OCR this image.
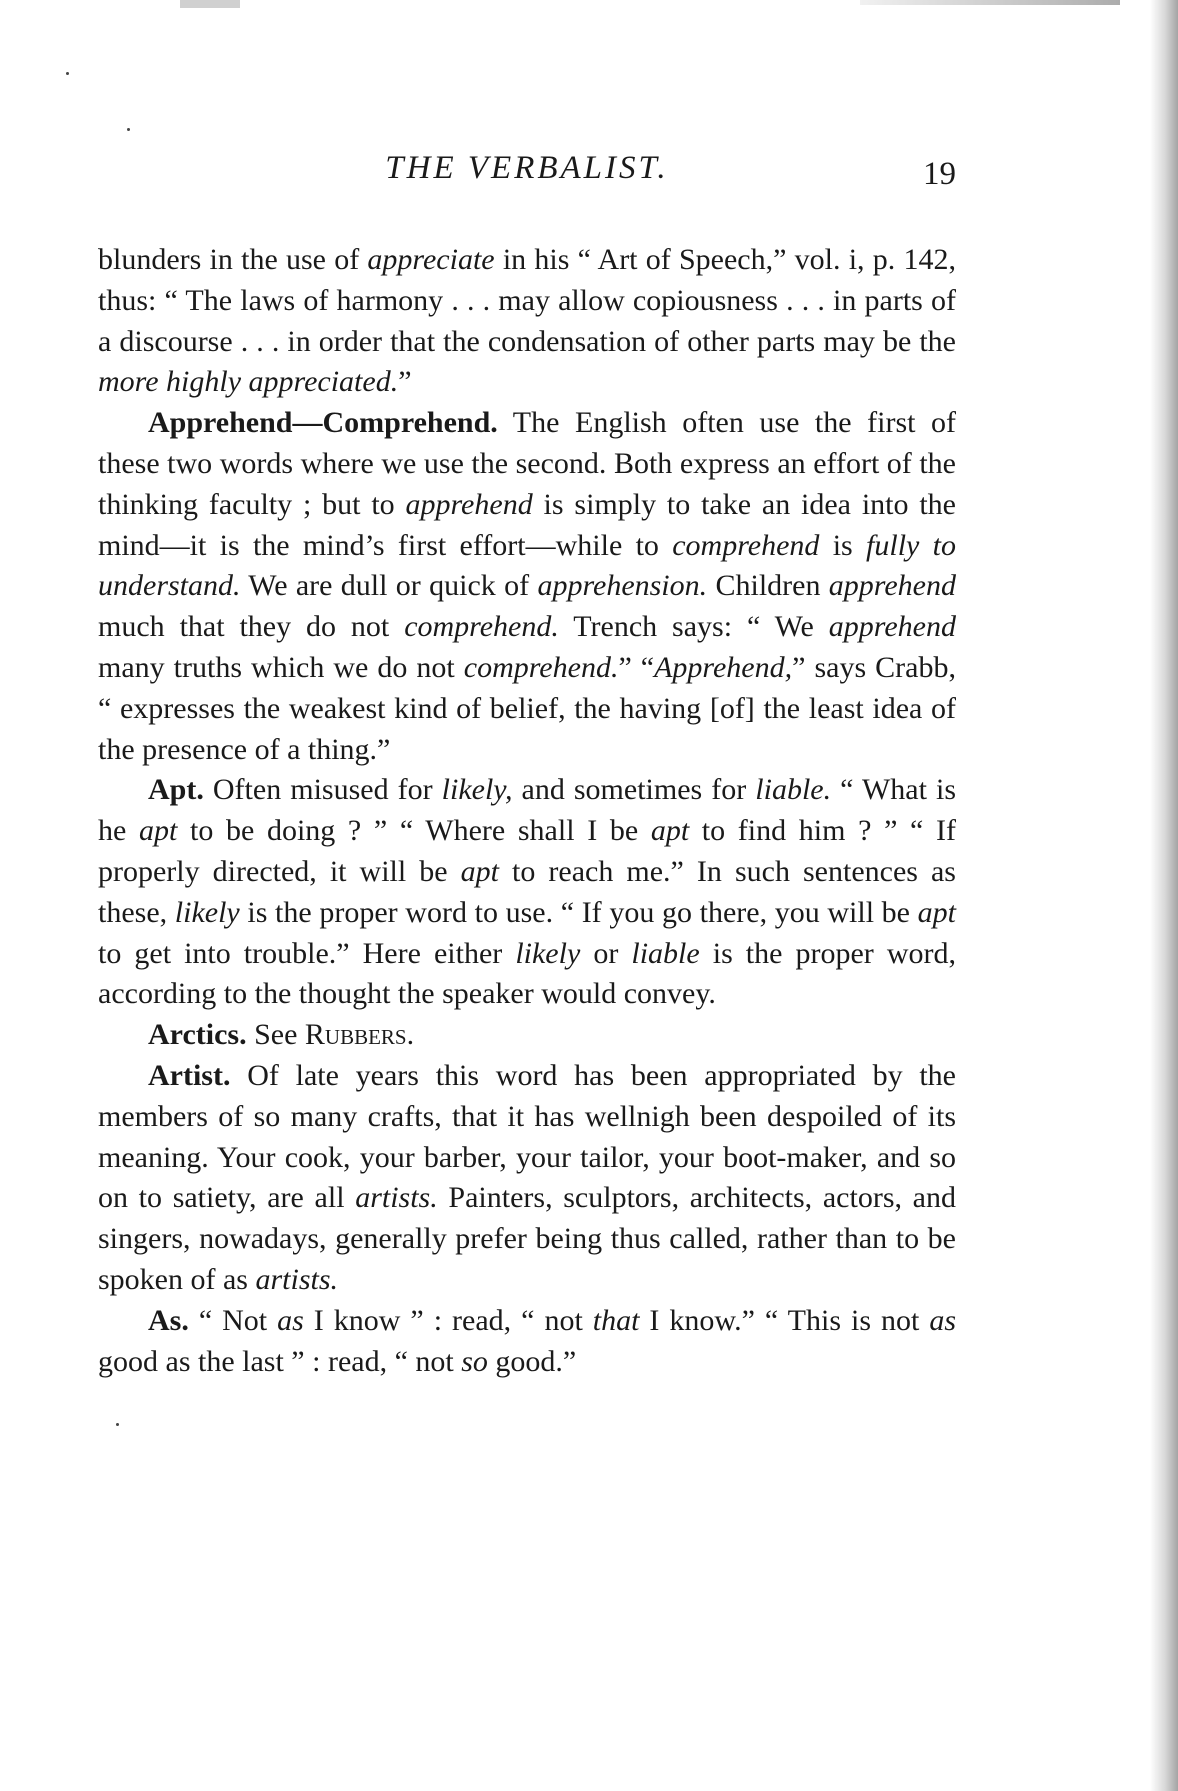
THE VERBALIST.	19

blunders in the use of appreciate in his “ Art of Speech,” vol. i, p. 142, thus: “ The laws of harmony . . . may allow copiousness . . . in parts of a discourse . . . in order that the condensation of other parts may be the more highly appreciated.”

Apprehend—Comprehend. The English often use the first of these two words where we use the second. Both express an effort of the thinking faculty ; but to apprehend is simply to take an idea into the mind—it is the mind’s first effort—while to comprehend is fully to understand. We are dull or quick of apprehension. Children apprehend much that they do not comprehend. Trench says: “ We apprehend many truths which we do not comprehend.” “Apprehend,” says Crabb, “ expresses the weakest kind of belief, the having [of] the least idea of the presence of a thing.”

Apt. Often misused for likely, and sometimes for liable. “ What is he apt to be doing ? ” “ Where shall I be apt to find him ? ” “ If properly directed, it will be apt to reach me.” In such sentences as these, likely is the proper word to use. “ If you go there, you will be apt to get into trouble.” Here either likely or liable is the proper word, according to the thought the speaker would convey.

Arctics. See Rubbers.

Artist. Of late years this word has been appropriated by the members of so many crafts, that it has wellnigh been despoiled of its meaning. Your cook, your barber, your tailor, your boot-maker, and so on to satiety, are all artists. Painters, sculptors, architects, actors, and singers, nowadays, generally prefer being thus called, rather than to be spoken of as artists.

As. “ Not as I know ” : read, “ not that I know.” “ This is not as good as the last ” : read, “ not so good.”
